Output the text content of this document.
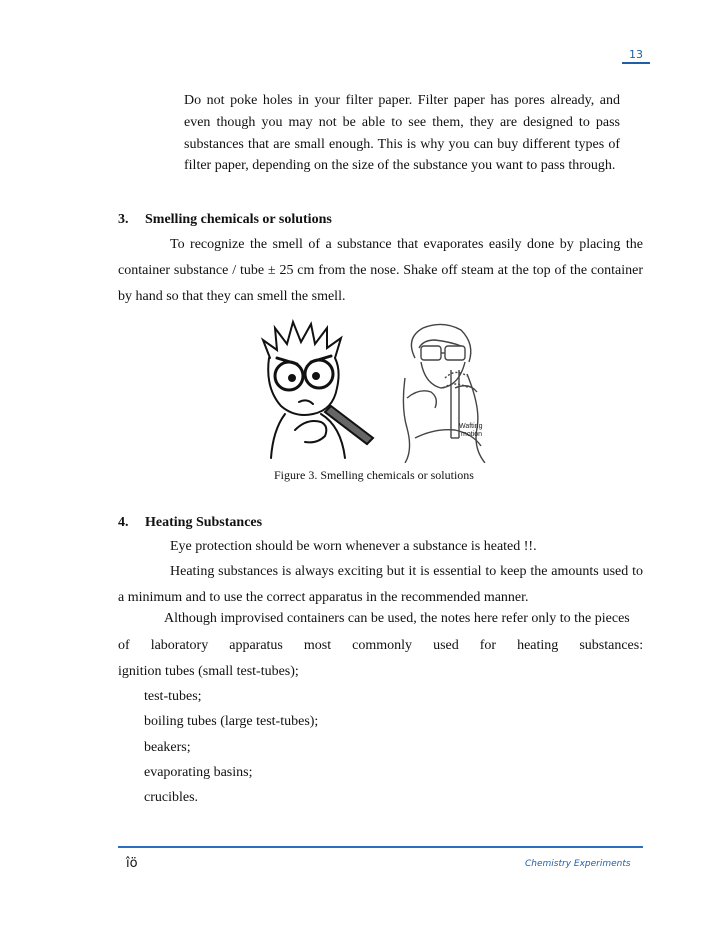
13
Do not poke holes in your filter paper. Filter paper has pores already, and even though you may not be able to see them, they are designed to pass substances that are small enough. This is why you can buy different types of filter paper, depending on the size of the substance you want to pass through.
3. Smelling chemicals or solutions
To recognize the smell of a substance that evaporates easily done by placing the container substance / tube ± 25 cm from the nose. Shake off steam at the top of the container by hand so that they can smell the smell.
Wafting
motion
Figure 3. Smelling chemicals or solutions
4. Heating Substances
Eye protection should be worn whenever a substance is heated !!.
Heating substances is always exciting but it is essential to keep the amounts used to a minimum and to use the correct apparatus in the recommended manner.
Although improvised containers can be used, the notes here refer only to the pieces
of laboratory apparatus most commonly used for heating substances:
ignition tubes (small test-tubes);
test-tubes;
boiling tubes (large test-tubes);
beakers;
evaporating basins;
crucibles.
îö	Chemistry Experiments
